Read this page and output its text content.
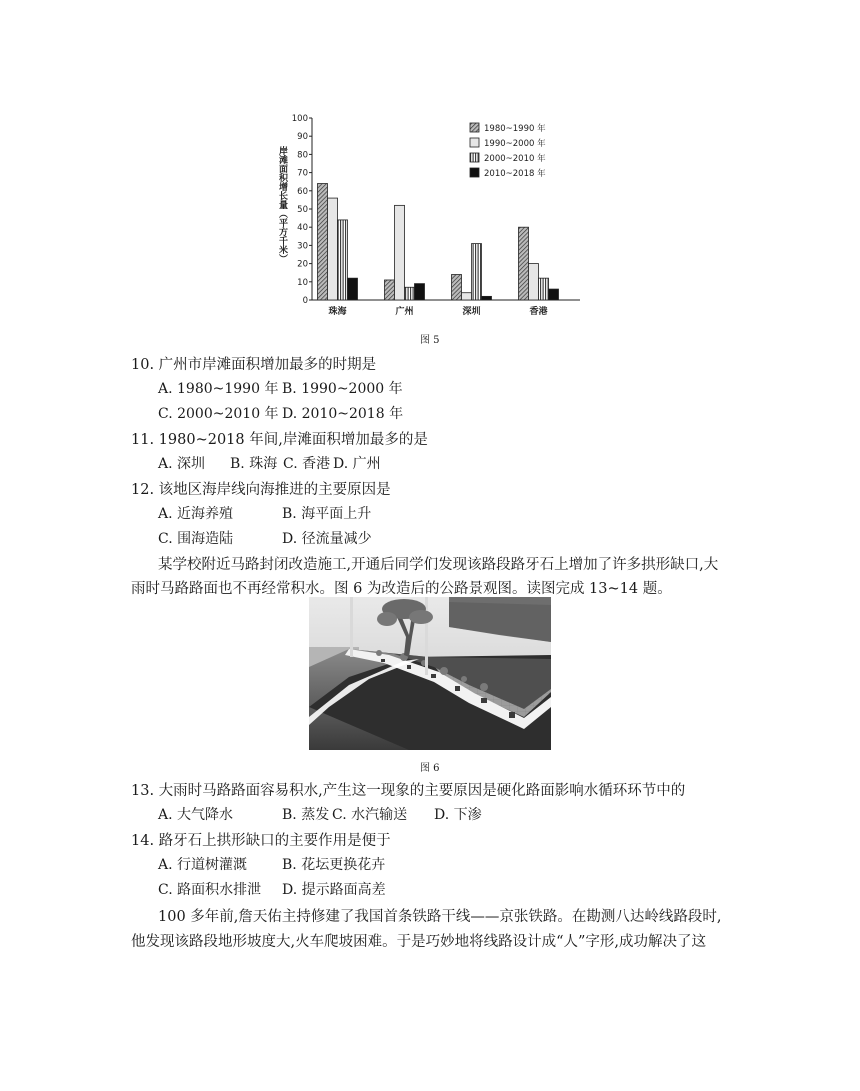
0
10
20
30
40
50
60
70
80
90
100
珠海	广州	深圳	香港
1980~1990 年
1990~2000 年
2000~2010 年
2010~2018 年
岸滩面积增长量（平方千米）
图 5
10. 广州市岸滩面积增加最多的时期是
A. 1980~1990 年 B. 1990~2000 年
C. 2000~2010 年 D. 2010~2018 年
11. 1980~2018 年间,岸滩面积增加最多的是
A. 深圳 B. 珠海 C. 香港 D. 广州
12. 该地区海岸线向海推进的主要原因是
A. 近海养殖	B. 海平面上升
C. 围海造陆	D. 径流量减少
某学校附近马路封闭改造施工,开通后同学们发现该路段路牙石上增加了许多拱形缺口,大
雨时马路路面也不再经常积水。图 6 为改造后的公路景观图。读图完成 13~14 题。
图 6
13. 大雨时马路路面容易积水,产生这一现象的主要原因是硬化路面影响水循环环节中的
A. 大气降水	B. 蒸发 C. 水汽输送 D. 下渗
14. 路牙石上拱形缺口的主要作用是便于
A. 行道树灌溉 B. 花坛更换花卉
C. 路面积水排泄 D. 提示路面高差
100 多年前,詹天佑主持修建了我国首条铁路干线——京张铁路。在勘测八达岭线路段时,
他发现该路段地形坡度大,火车爬坡困难。于是巧妙地将线路设计成“人”字形,成功解决了这
